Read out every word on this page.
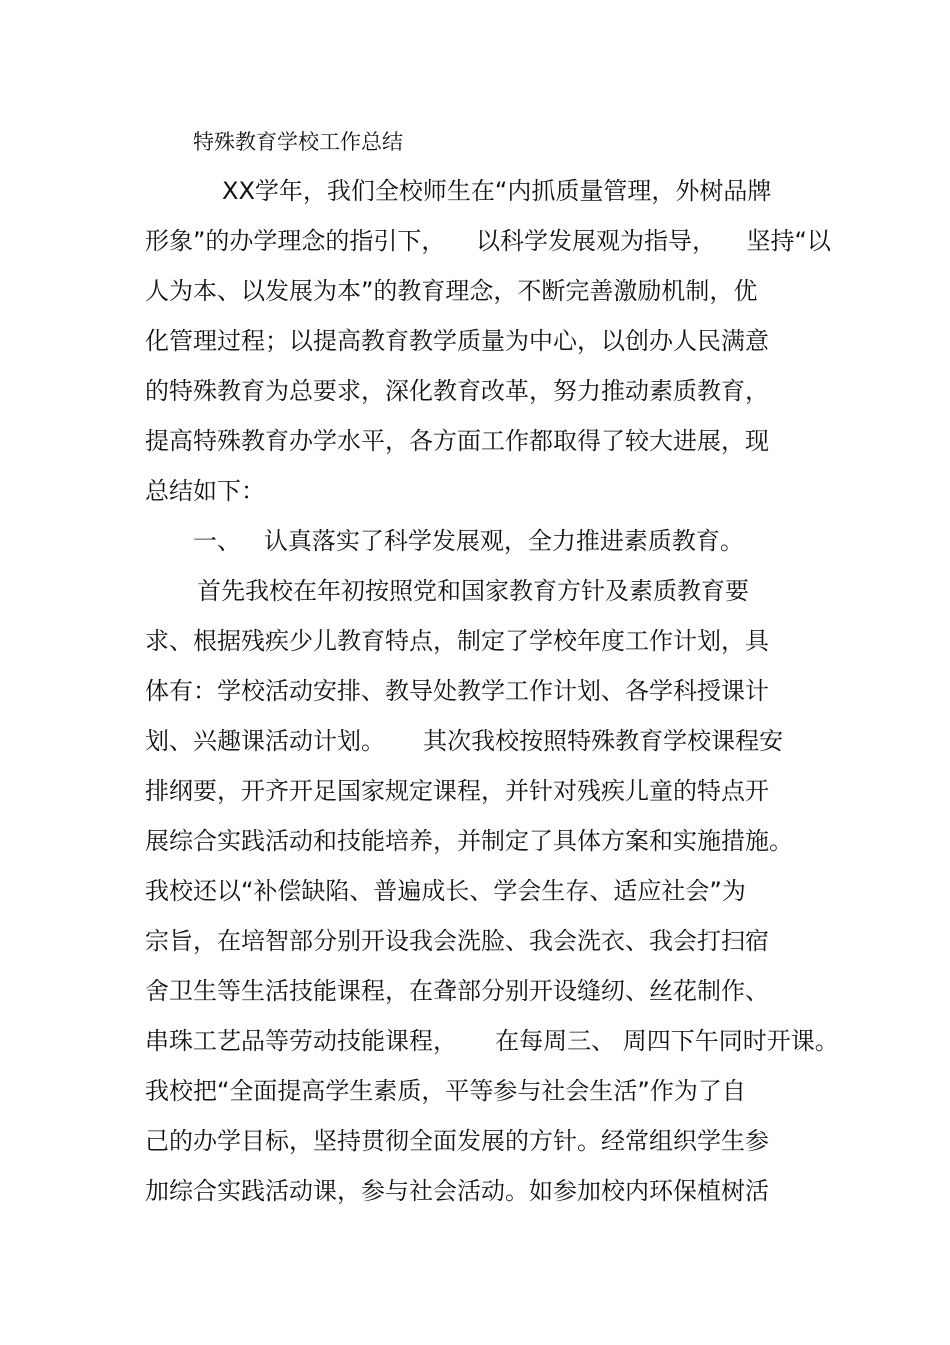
特殊教育学校工作总结
XX学年，我们全校师生在“内抓质量管理，外树品牌
形象”的办学理念的指引下，    以科学发展观为指导，    坚持“以
人为本、以发展为本”的教育理念，不断完善激励机制，优
化管理过程；以提高教育教学质量为中心，以创办人民满意
的特殊教育为总要求，深化教育改革，努力推动素质教育，
提高特殊教育办学水平，各方面工作都取得了较大进展，现
总结如下：
一、   认真落实了科学发展观，全力推进素质教育。
首先我校在年初按照党和国家教育方针及素质教育要
求、根据残疾少儿教育特点，制定了学校年度工作计划，具
体有：学校活动安排、教导处教学工作计划、各学科授课计
划、兴趣课活动计划。     其次我校按照特殊教育学校课程安
排纲要，开齐开足国家规定课程，并针对残疾儿童的特点开
展综合实践活动和技能培养，并制定了具体方案和实施措施。
我校还以“补偿缺陷、普遍成长、学会生存、适应社会”为
宗旨，在培智部分别开设我会洗脸、我会洗衣、我会打扫宿
舍卫生等生活技能课程，在聋部分别开设缝纫、丝花制作、
串珠工艺品等劳动技能课程，     在每周三、 周四下午同时开课。
我校把“全面提高学生素质，平等参与社会生活”作为了自
己的办学目标，坚持贯彻全面发展的方针。经常组织学生参
加综合实践活动课，参与社会活动。如参加校内环保植树活
